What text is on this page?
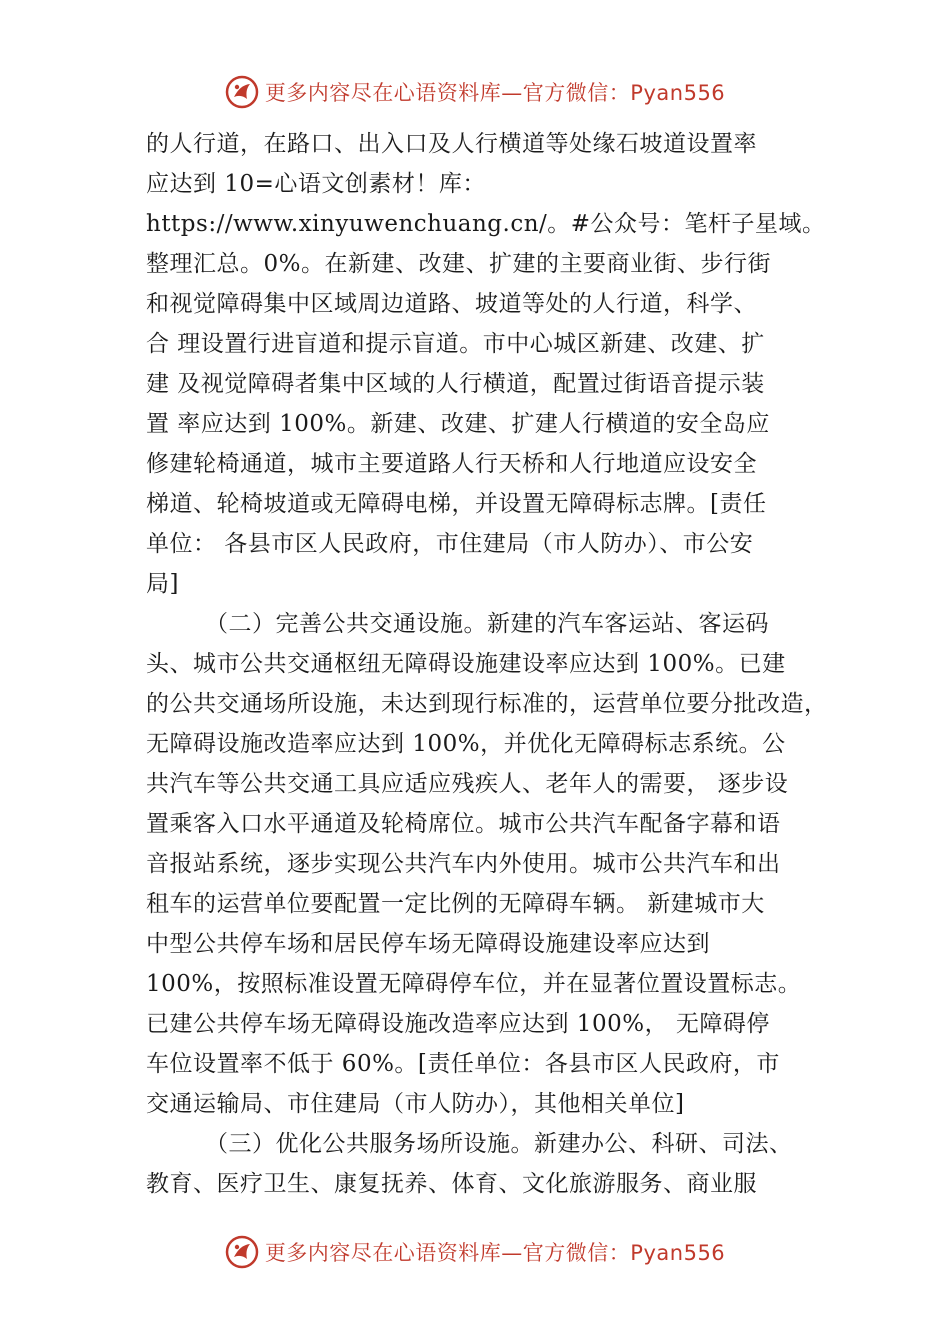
更多内容尽在心语资料库—官方微信：Pyan556
的人行道，在路口、出入口及人行横道等处缘石坡道设置率
应达到 10=心语文创素材！库：
https://www.xinyuwenchuang.cn/。#公众号：笔杆子星域。
整理汇总。0%。在新建、改建、扩建的主要商业街、步行街
和视觉障碍集中区域周边道路、坡道等处的人行道，科学、
合 理设置行进盲道和提示盲道。市中心城区新建、改建、扩
建 及视觉障碍者集中区域的人行横道，配置过街语音提示装
置 率应达到 100%。新建、改建、扩建人行横道的安全岛应
修建轮椅通道，城市主要道路人行天桥和人行地道应设安全
梯道、轮椅坡道或无障碍电梯，并设置无障碍标志牌。[责任
单位： 各县市区人民政府，市住建局（市人防办）、市公安
局]
（二）完善公共交通设施。新建的汽车客运站、客运码
头、城市公共交通枢纽无障碍设施建设率应达到 100%。已建
的公共交通场所设施，未达到现行标准的，运营单位要分批改造，
无障碍设施改造率应达到 100%，并优化无障碍标志系统。公
共汽车等公共交通工具应适应残疾人、老年人的需要， 逐步设
置乘客入口水平通道及轮椅席位。城市公共汽车配备字幕和语
音报站系统，逐步实现公共汽车内外使用。城市公共汽车和出
租车的运营单位要配置一定比例的无障碍车辆。 新建城市大
中型公共停车场和居民停车场无障碍设施建设率应达到
100%，按照标准设置无障碍停车位，并在显著位置设置标志。
已建公共停车场无障碍设施改造率应达到 100%， 无障碍停
车位设置率不低于 60%。[责任单位：各县市区人民政府，市
交通运输局、市住建局（市人防办），其他相关单位]
（三）优化公共服务场所设施。新建办公、科研、司法、
教育、医疗卫生、康复抚养、体育、文化旅游服务、商业服
更多内容尽在心语资料库—官方微信：Pyan556
